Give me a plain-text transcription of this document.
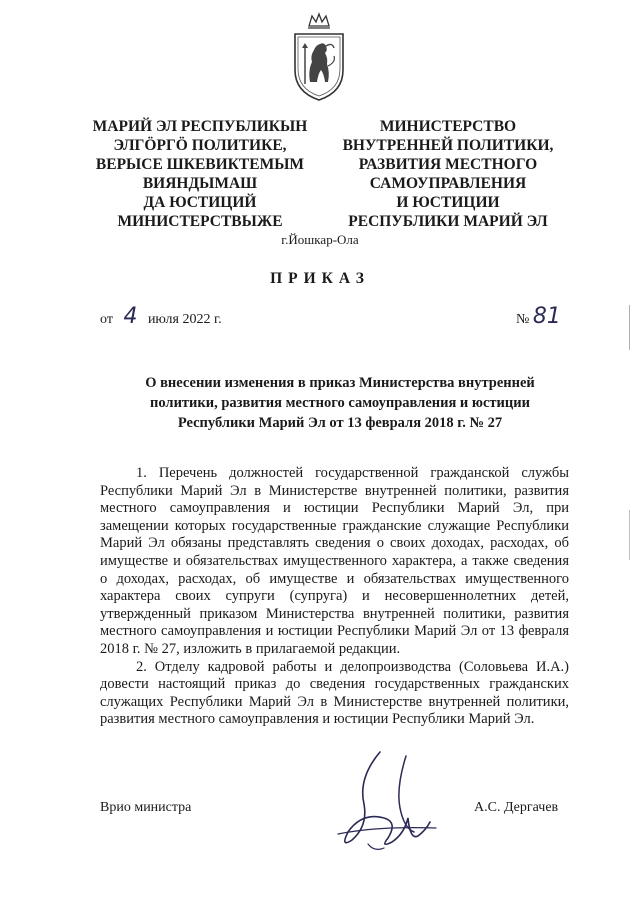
МАРИЙ ЭЛ РЕСПУБЛИКЫН
ЭЛГӦРГӦ ПОЛИТИКЕ,
ВЕРЫСЕ ШКЕВИКТЕМЫМ
ВИЯНДЫМАШ
ДА ЮСТИЦИЙ
МИНИСТЕРСТВЫЖЕ
МИНИСТЕРСТВО
ВНУТРЕННЕЙ ПОЛИТИКИ,
РАЗВИТИЯ МЕСТНОГО
САМОУПРАВЛЕНИЯ
И ЮСТИЦИИ
РЕСПУБЛИКИ МАРИЙ ЭЛ
г.Йошкар-Ола
ПРИКАЗ
от 4 июля 2022 г.	№ 81
О внесении изменения в приказ Министерства внутренней
политики, развития местного самоуправления и юстиции
Республики Марий Эл от 13 февраля 2018 г. № 27

1. Перечень должностей государственной гражданской службы Республики Марий Эл в Министерстве внутренней политики, развития местного самоуправления и юстиции Республики Марий Эл, при замещении которых государственные гражданские служащие Республики Марий Эл обязаны представлять сведения о своих доходах, расходах, об имуществе и обязательствах имущественного характера, а также сведения о доходах, расходах, об имуществе и обязательствах имущественного характера своих супруги (супруга) и несовершеннолетних детей, утвержденный приказом Министерства внутренней политики, развития местного самоуправления и юстиции Республики Марий Эл от 13 февраля 2018 г. № 27, изложить в прилагаемой редакции.

2. Отделу кадровой работы и делопроизводства (Соловьева И.А.) довести настоящий приказ до сведения государственных гражданских служащих Республики Марий Эл в Министерстве внутренней политики, развития местного самоуправления и юстиции Республики Марий Эл.

Врио министра	А.С. Дергачев
